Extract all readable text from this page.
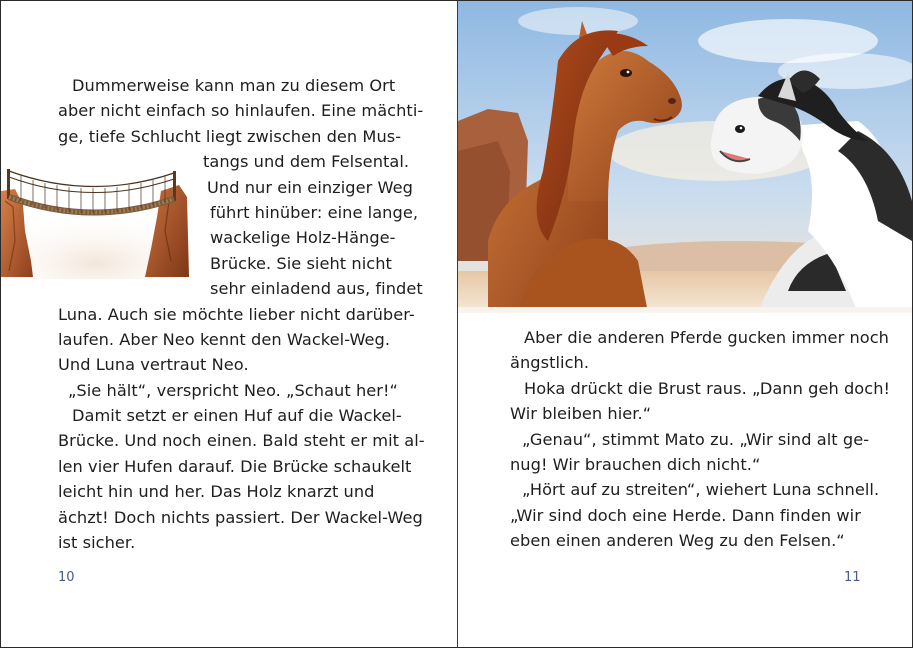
Dummerweise kann man zu diesem Ort
aber nicht einfach so hinlaufen. Eine mächti-
ge, tiefe Schlucht liegt zwischen den Mus-
tangs und dem Felsental.
Und nur ein einziger Weg
führt hinüber: eine lange,
wackelige Holz-Hänge-
Brücke. Sie sieht nicht
sehr einladend aus, findet
Luna. Auch sie möchte lieber nicht darüber-
laufen. Aber Neo kennt den Wackel-Weg.
Und Luna vertraut Neo.
„Sie hält“, verspricht Neo. „Schaut her!“
Damit setzt er einen Huf auf die Wackel-
Brücke. Und noch einen. Bald steht er mit al-
len vier Hufen darauf. Die Brücke schaukelt
leicht hin und her. Das Holz knarzt und
ächzt! Doch nichts passiert. Der Wackel-Weg
ist sicher.
10
Aber die anderen Pferde gucken immer noch
ängstlich.
Hoka drückt die Brust raus. „Dann geh doch!
Wir bleiben hier.“
„Genau“, stimmt Mato zu. „Wir sind alt ge-
nug! Wir brauchen dich nicht.“
„Hört auf zu streiten“, wiehert Luna schnell.
„Wir sind doch eine Herde. Dann finden wir
eben einen anderen Weg zu den Felsen.“
11
